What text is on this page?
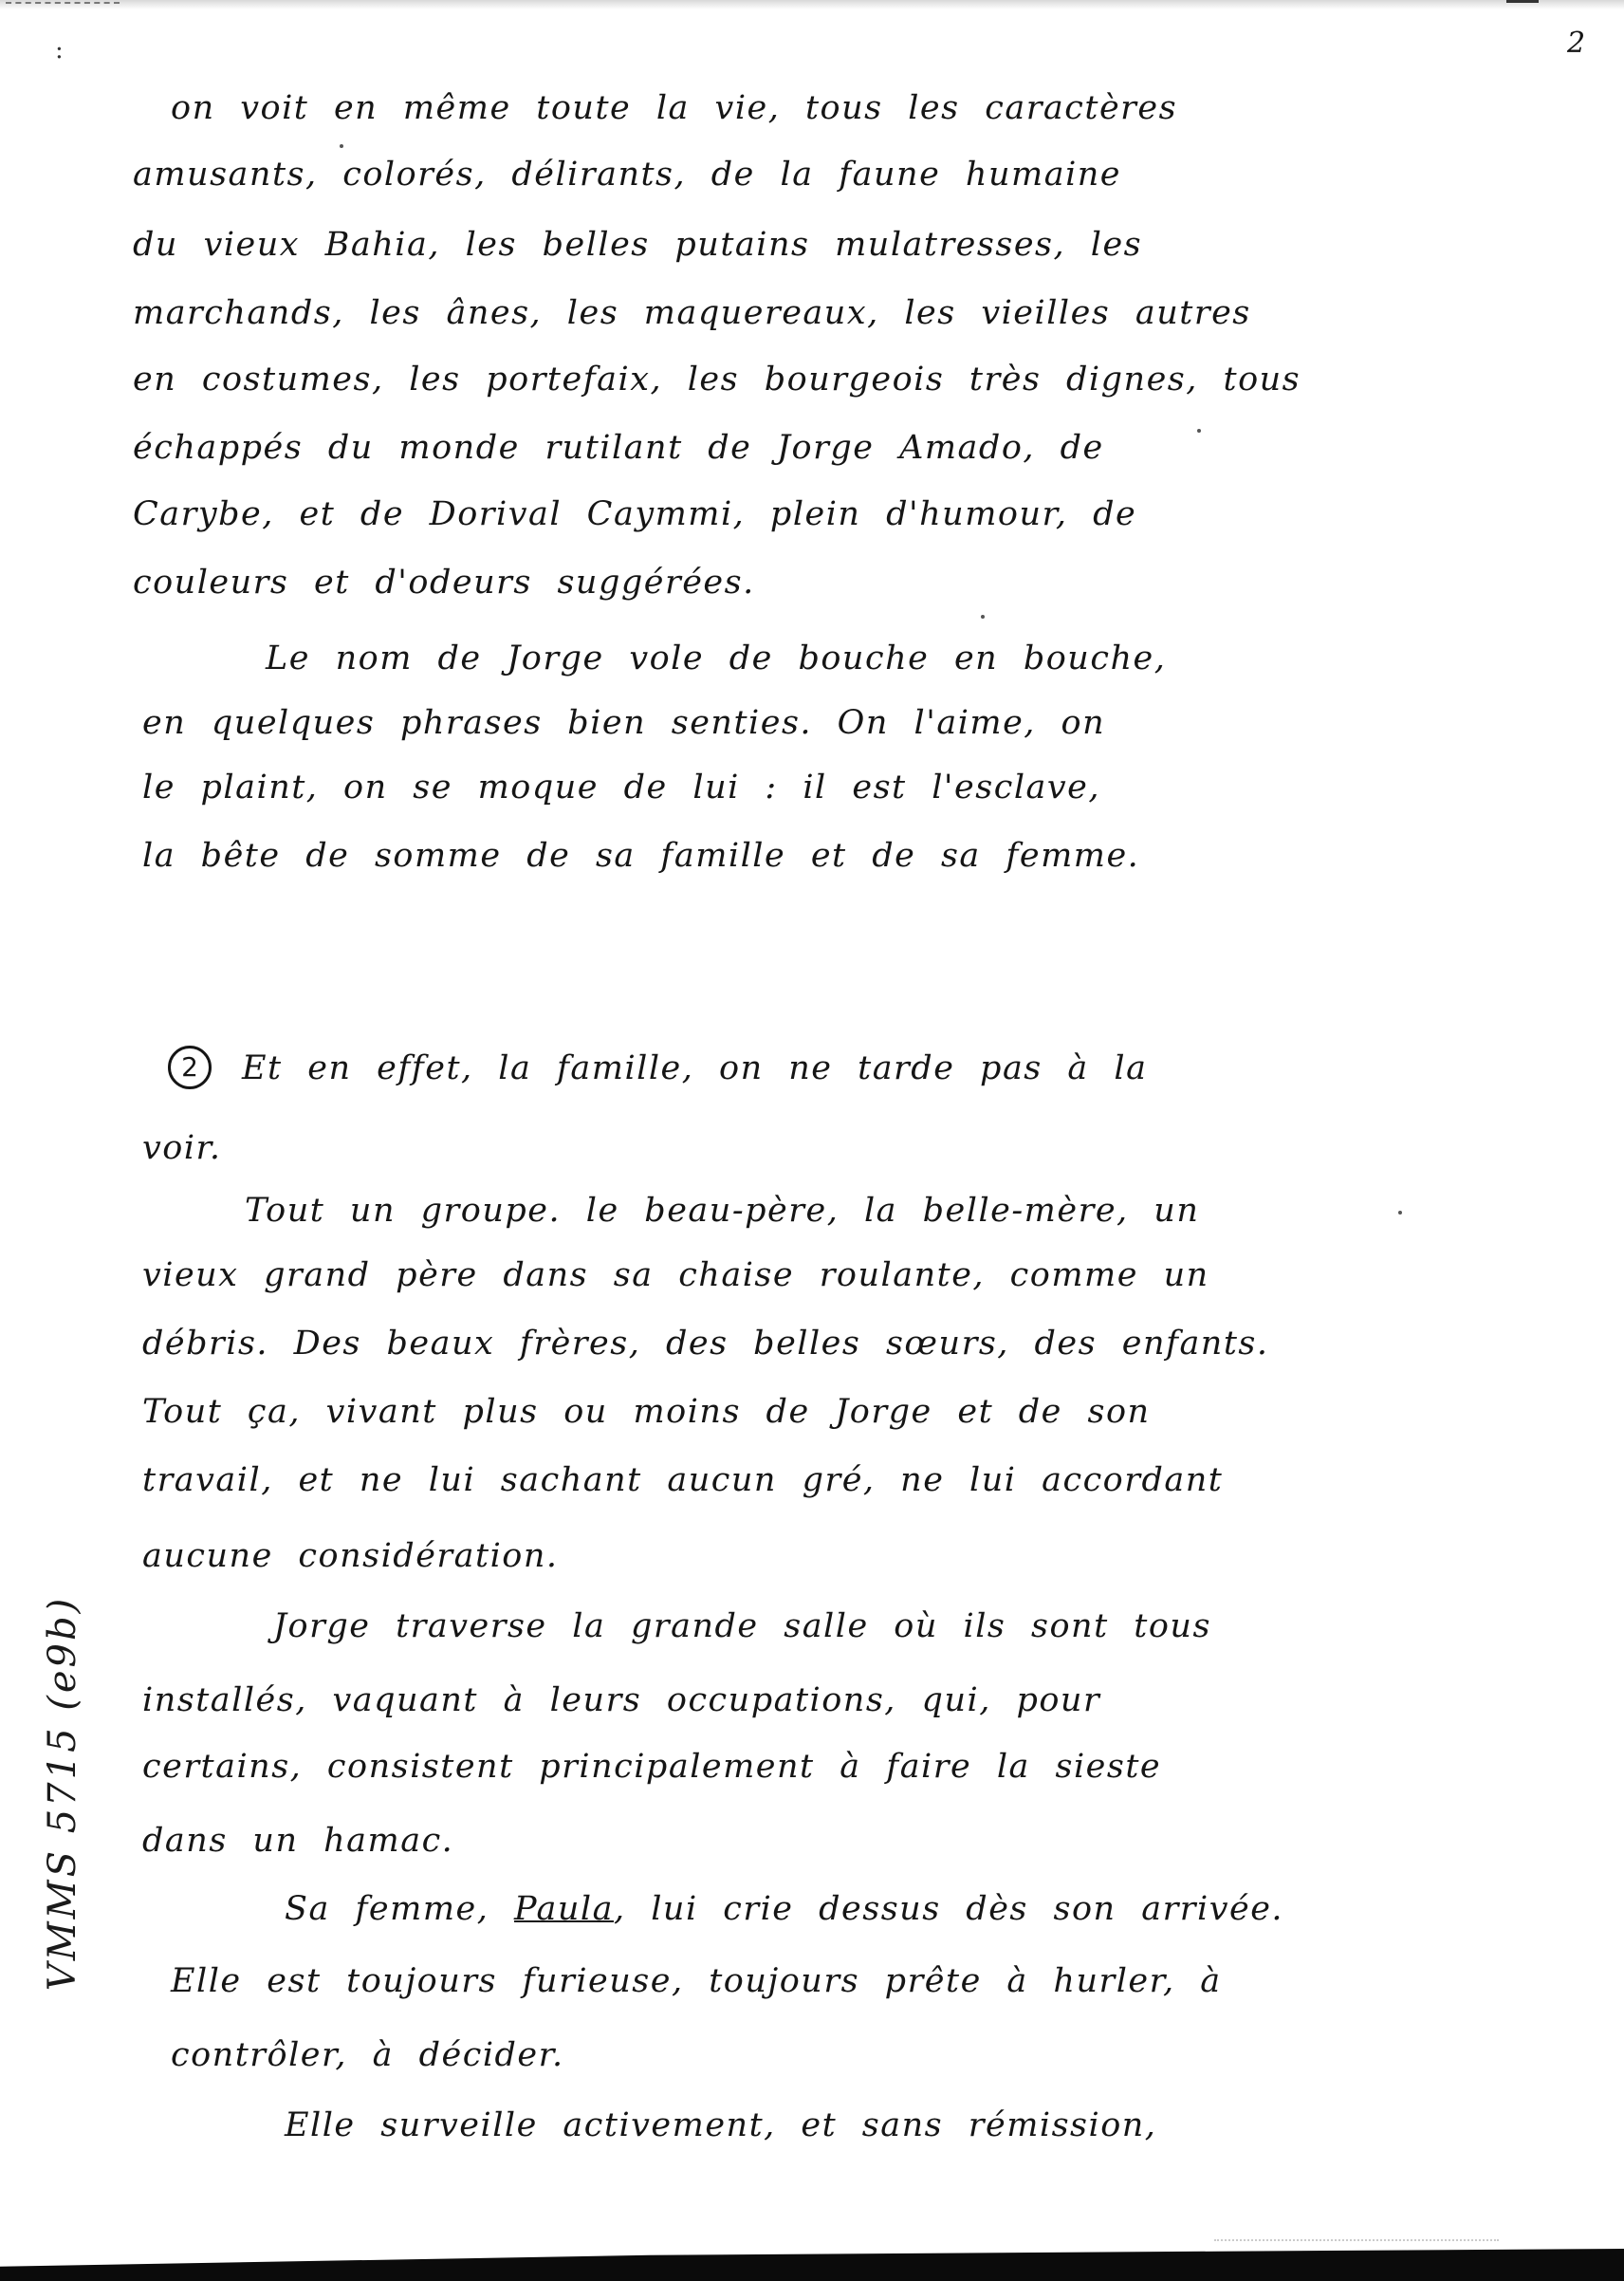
:	2
on voit en même toute la vie, tous les caractères
amusants, colorés, délirants, de la faune humaine
du vieux Bahia, les belles putains mulatresses, les
marchands, les ânes, les maquereaux, les vieilles autres
en costumes, les portefaix, les bourgeois très dignes, tous
échappés du monde rutilant de Jorge Amado, de
Carybe, et de Dorival Caymmi, plein d'humour, de
couleurs et d'odeurs suggérées.
Le nom de Jorge vole de bouche en bouche,
en quelques phrases bien senties. On l'aime, on
le plaint, on se moque de lui : il est l'esclave,
la bête de somme de sa famille et de sa femme.
2	Et en effet, la famille, on ne tarde pas à la
voir.
Tout un groupe. le beau-père, la belle-mère, un
vieux grand père dans sa chaise roulante, comme un
débris. Des beaux frères, des belles sœurs, des enfants.
Tout ça, vivant plus ou moins de Jorge et de son
travail, et ne lui sachant aucun gré, ne lui accordant
aucune considération.
Jorge traverse la grande salle où ils sont tous
installés, vaquant à leurs occupations, qui, pour
certains, consistent principalement à faire la sieste
dans un hamac.
Sa femme, Paula, lui crie dessus dès son arrivée.
Elle est toujours furieuse, toujours prête à hurler, à
contrôler, à décider.
Elle surveille activement, et sans rémission,
VMMS 5715 (e9b)
